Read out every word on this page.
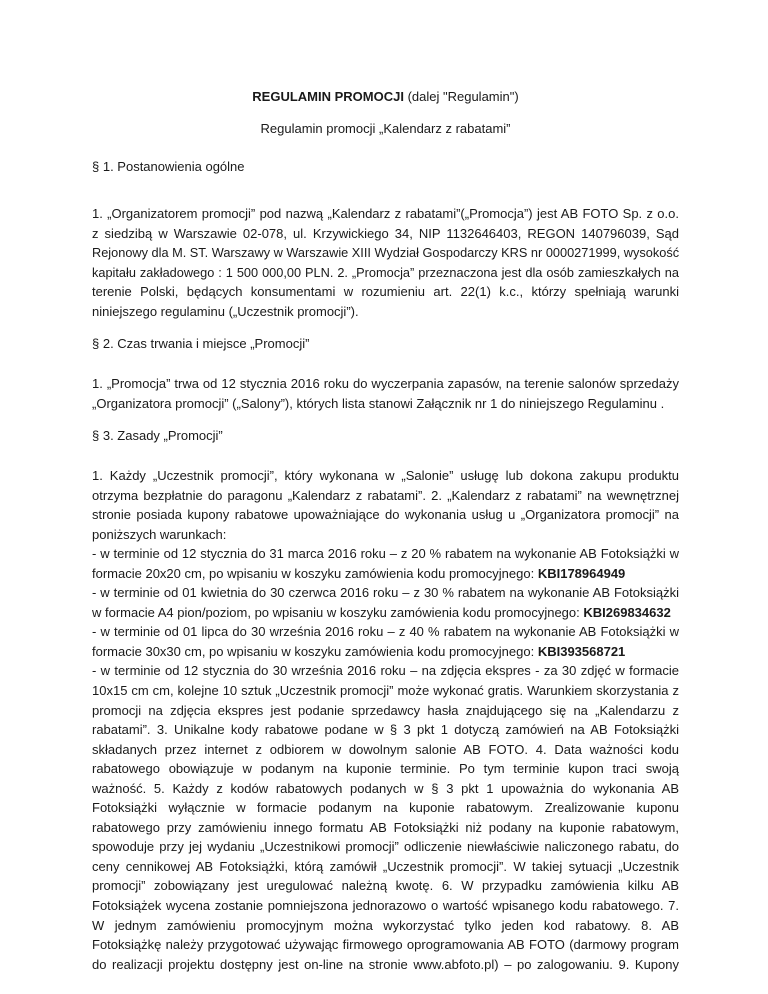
REGULAMIN PROMOCJI (dalej "Regulamin")
Regulamin promocji „Kalendarz z rabatami”
§ 1. Postanowienia ogólne
1. „Organizatorem promocji” pod nazwą „Kalendarz z rabatami”(„Promocja”) jest AB FOTO Sp. z o.o.
z siedzibą w Warszawie 02-078, ul. Krzywickiego 34, NIP 1132646403, REGON 140796039, Sąd
Rejonowy dla M. ST. Warszawy w Warszawie XIII Wydział Gospodarczy KRS nr 0000271999, wysokość
kapitału zakładowego : 1 500 000,00 PLN. 2. „Promocja” przeznaczona jest dla osób zamieszkałych na
terenie Polski, będących konsumentami w rozumieniu art. 22(1) k.c., którzy spełniają warunki
niniejszego regulaminu („Uczestnik promocji”).
§ 2. Czas trwania i miejsce „Promocji”
1. „Promocja” trwa od 12 stycznia 2016 roku do wyczerpania zapasów, na terenie salonów sprzedaży
„Organizatora promocji” („Salony”), których lista stanowi Załącznik nr 1 do niniejszego Regulaminu .
§ 3. Zasady „Promocji”
1. Każdy „Uczestnik promocji”, który wykonana w „Salonie” usługę lub dokona zakupu produktu
otrzyma bezpłatnie do paragonu „Kalendarz z rabatami”. 2. „Kalendarz z rabatami” na wewnętrznej
stronie posiada kupony rabatowe upoważniające do wykonania usług u „Organizatora promocji” na
poniższych warunkach:
- w terminie od 12 stycznia do 31 marca 2016 roku – z 20 % rabatem na wykonanie AB Fotoksiążki w
formacie 20x20 cm, po wpisaniu w koszyku zamówienia kodu promocyjnego: KBI178964949
- w terminie od 01 kwietnia do 30 czerwca 2016 roku – z 30 % rabatem na wykonanie AB Fotoksiążki
w formacie A4 pion/poziom, po wpisaniu w koszyku zamówienia kodu promocyjnego: KBI269834632
- w terminie od 01 lipca do 30 września 2016 roku – z 40 % rabatem na wykonanie AB Fotoksiążki w
formacie 30x30 cm, po wpisaniu w koszyku zamówienia kodu promocyjnego: KBI393568721
- w terminie od 12 stycznia do 30 września 2016 roku – na zdjęcia ekspres - za 30 zdjęć w formacie
10x15 cm cm, kolejne 10 sztuk „Uczestnik promocji” może wykonać gratis. Warunkiem skorzystania z
promocji na zdjęcia ekspres jest podanie sprzedawcy hasła znajdującego się na „Kalendarzu z
rabatami”. 3. Unikalne kody rabatowe podane w § 3 pkt 1 dotyczą zamówień na AB Fotoksiążki
składanych przez internet z odbiorem w dowolnym salonie AB FOTO. 4. Data ważności kodu
rabatowego obowiązuje w podanym na kuponie terminie. Po tym terminie kupon traci swoją
ważność. 5. Każdy z kodów rabatowych podanych w § 3 pkt 1 upoważnia do wykonania AB
Fotoksiążki wyłącznie w formacie podanym na kuponie rabatowym. Zrealizowanie kuponu
rabatowego przy zamówieniu innego formatu AB Fotoksiążki niż podany na kuponie rabatowym,
spowoduje przy jej wydaniu „Uczestnikowi promocji” odliczenie niewłaściwie naliczonego rabatu, do
ceny cennikowej AB Fotoksiążki, którą zamówił „Uczestnik promocji”. W takiej sytuacji „Uczestnik
promocji” zobowiązany jest uregulować należną kwotę. 6. W przypadku zamówienia kilku AB
Fotoksiążek wycena zostanie pomniejszona jednorazowo o wartość wpisanego kodu rabatowego. 7.
W jednym zamówieniu promocyjnym można wykorzystać tylko jeden kod rabatowy. 8. AB
Fotoksiążkę należy przygotować używając firmowego oprogramowania AB FOTO (darmowy program
do realizacji projektu dostępny jest on-line na stronie www.abfoto.pl) – po zalogowaniu. 9. Kupony
